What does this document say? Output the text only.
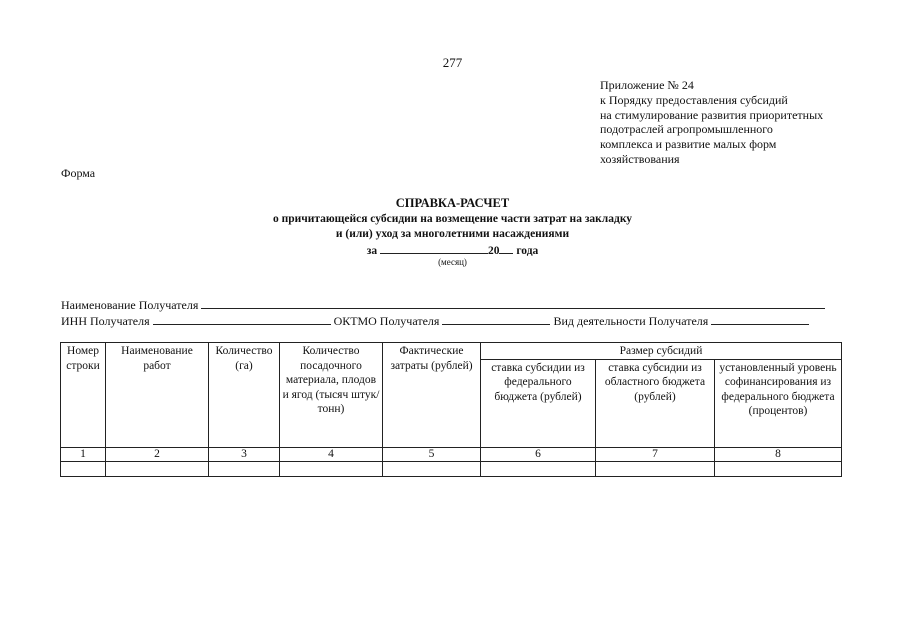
277
Приложение № 24
к Порядку предоставления субсидий
на стимулирование развития приоритетных
подотраслей агропромышленного
комплекса и развитие малых форм
хозяйствования
Форма
СПРАВКА-РАСЧЕТ
о причитающейся субсидии на возмещение части затрат на закладку
и (или) уход за многолетними насаждениями
за	20 года
(месяц)
Наименование Получателя
ИНН Получателя	ОКТМО Получателя	Вид деятельности Получателя
Номер строки	Наименование работ	Количество (га)	Количество посадочного материала, плодов и ягод (тысяч штук/тонн)	Фактические затраты (рублей)	Размер субсидий		
					ставка субсидии из федерального бюджета (рублей)	ставка субсидии из областного бюджета (рублей)	установленный уровень софинансирования из федерального бюджета (процентов)
1	2	3	4	5	6	7	8
